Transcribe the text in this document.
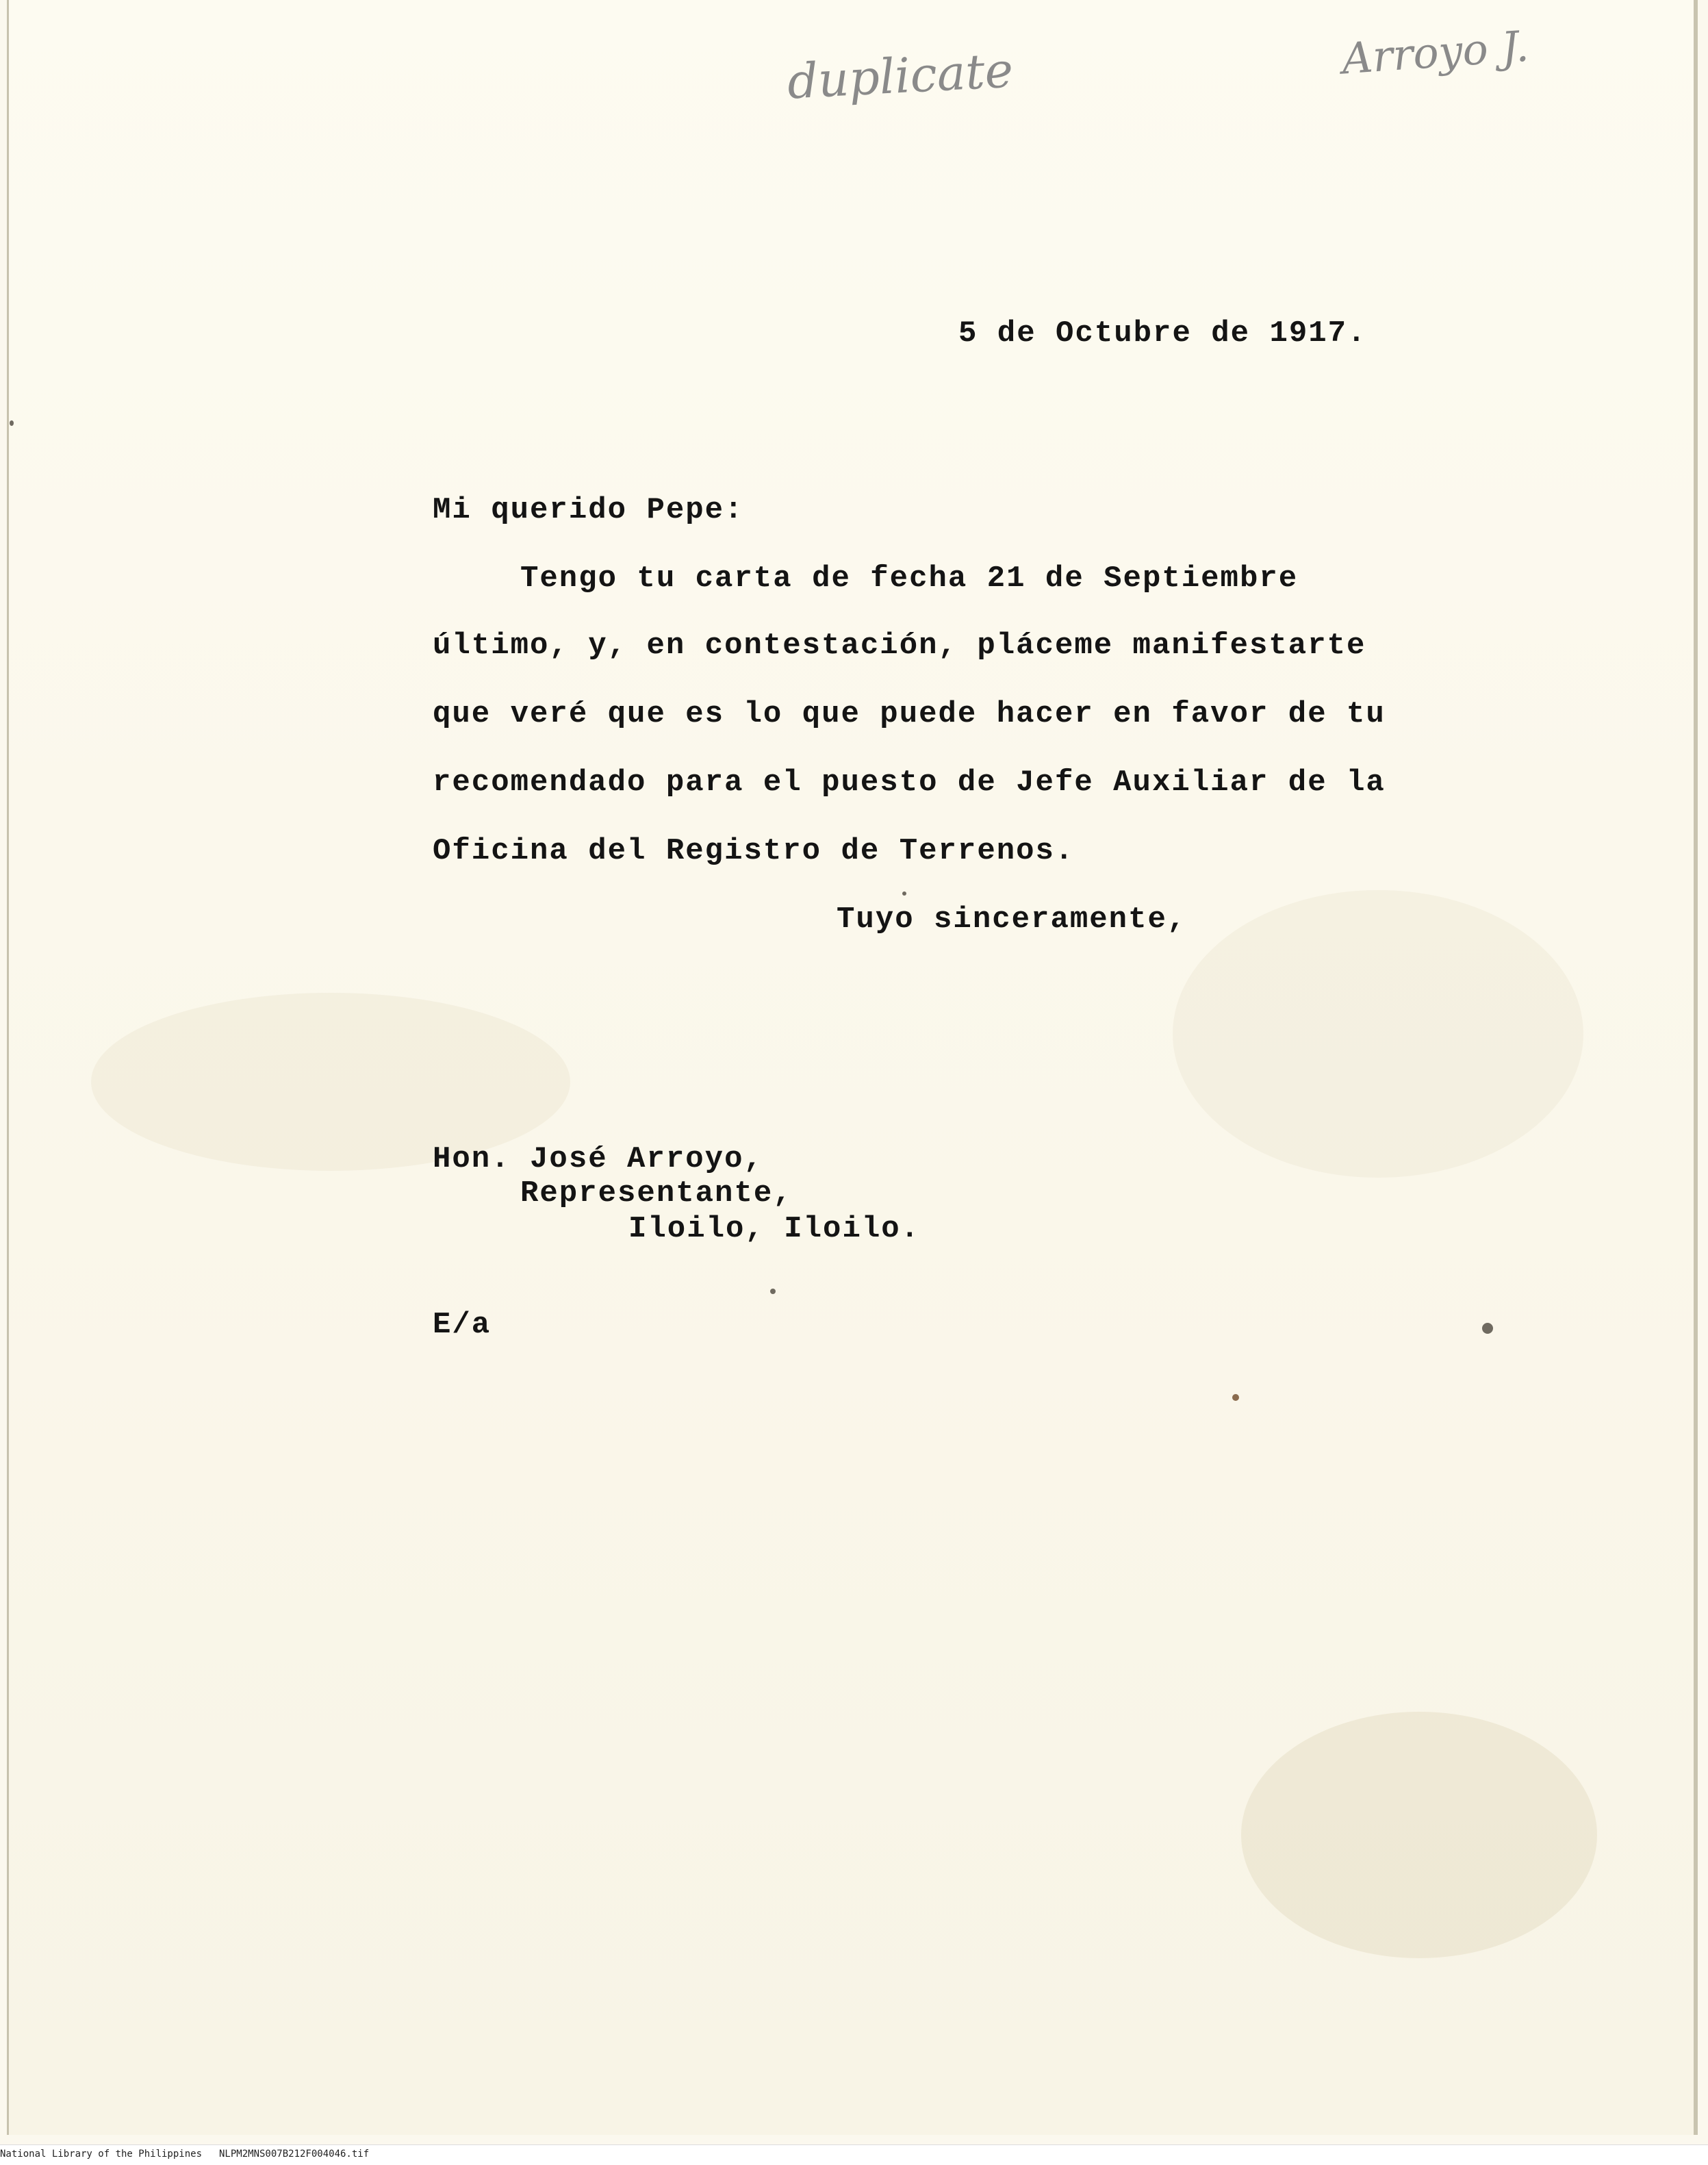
duplicate	Arroyo J.
5 de Octubre de 1917.
Mi querido Pepe:
Tengo tu carta de fecha 21 de Septiembre
último, y, en contestación, pláceme manifestarte
que veré que es lo que puede hacer en favor de tu
recomendado para el puesto de Jefe Auxiliar de la
Oficina del Registro de Terrenos.
Tuyo sinceramente,
Hon. José Arroyo,
Representante,
Iloilo, Iloilo.
E/a
National Library of the Philippines NLPM2MNS007B212F004046.tif
